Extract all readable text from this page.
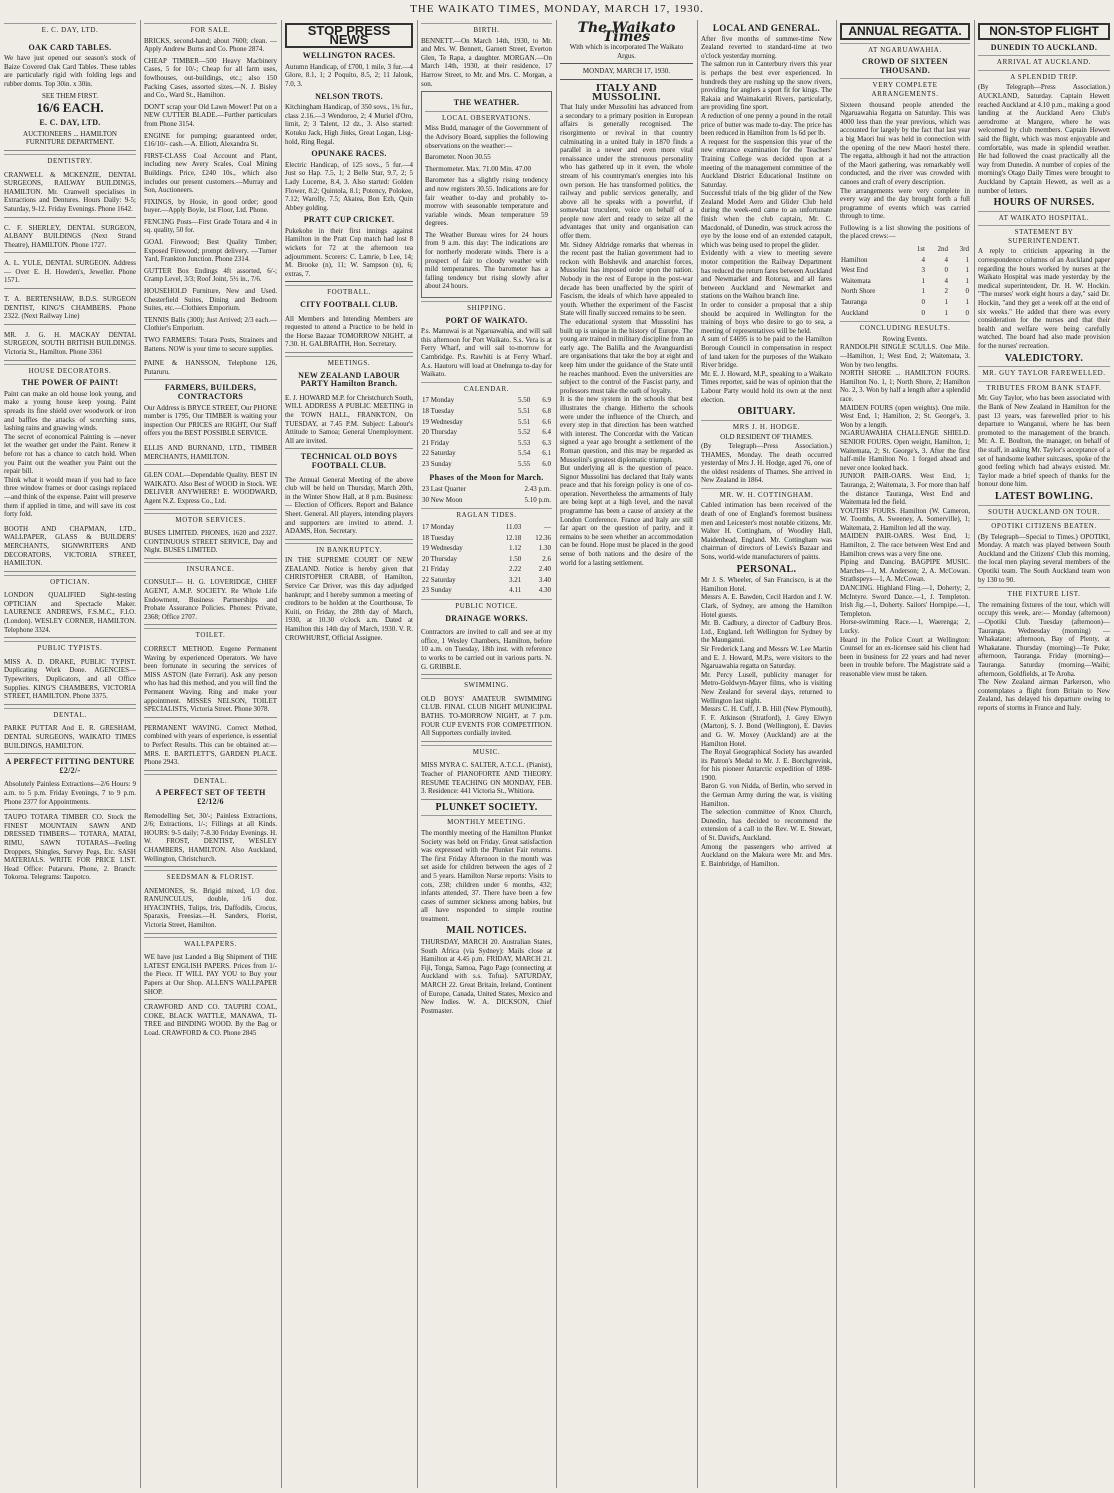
THE WAIKATO TIMES, MONDAY, MARCH 17, 1930.
E. C. DAY, LTD.
OAK CARD TABLES.

We have just opened our season's stock of Baize Covered Oak Card Tables. These tables are particularly rigid with folding legs and rubber domts. Top 30in. x 30in.

SEE THEM FIRST.
16/6 EACH.
E. C. DAY, LTD.
AUCTIONEERS ... HAMILTON FURNITURE DEPARTMENT.
DENTISTRY.

CRANWELL & MCKENZIE, DENTAL SURGEONS, RAILWAY BUILDINGS, HAMILTON. Mr. Cranwell specialises in Extractions and Dentures. Hours Daily: 9-5; Saturday, 9-12. Friday Evenings. Phone 1642.

C. F. SHERLEY, DENTAL SURGEON, ALBANY BUILDINGS (Next Strand Theatre), HAMILTON. Phone 1727.

A. L. YULE, DENTAL SURGEON. Address— Over E. H. Howden's, Jeweller. Phone 1571.

T. A. BERTENSHAW, B.D.S. SURGEON DENTIST, KING'S CHAMBERS. Phone 2322. (Next Railway Line)

MR. J. G. H. MACKAY DENTAL SURGEON, SOUTH BRITISH BUILDINGS. Victoria St., Hamilton. Phone 3361

HOUSE DECORATORS.
THE POWER OF PAINT!

Paint can make an old house look young, and make a young house keep young. Paint spreads its fine shield over woodwork or iron and baffles the attacks of scorching suns, lashing rains and gnawing winds.
The secret of economical Painting is —never let the weather get under the Paint. Renew it before rot has a chance to catch hold. When you Paint out the weather you Paint out the repair bill.
Think what it would mean if you had to face three window frames or door casings replaced—and think of the expense. Paint will preserve them if applied in time, and will save its cost forty fold.

BOOTH AND CHAPMAN, LTD., WALLPAPER, GLASS & BUILDERS' MERCHANTS, SIGNWRITERS AND DECORATORS, VICTORIA STREET, HAMILTON.

OPTICIAN.

LONDON QUALIFIED Sight-testing OPTICIAN and Spectacle Maker. LAURENCE ANDREWS, F.S.M.C., F.I.O. (London). WESLEY CORNER, HAMILTON. Telephone 3324.

PUBLIC TYPISTS.

MISS A. D. DRAKE, PUBLIC TYPIST. Duplicating Work Done. AGENCIES—Typewriters, Duplicators, and all Office Supplies. KING'S CHAMBERS, VICTORIA STREET, HAMILTON. Phone 3375.

DENTAL.

PARKE PUTTAR And E. R. GRESHAM, DENTAL SURGEONS, WAIKATO TIMES BUILDINGS, HAMILTON.

A PERFECT FITTING DENTURE £2/2/-

Absolutely Painless Extractions—2/6 Hours: 9 a.m. to 5 p.m. Friday Evenings, 7 to 9 p.m. Phone 2377 for Appointments.

TAUPO TOTARA TIMBER CO. Stock the FINEST MOUNTAIN SAWN AND DRESSED TIMBERS— TOTARA, MATAI, RIMU, SAWN TOTARAS—Feeling Droppers, Shingles, Survey Pegs, Etc. SASH MATERIALS. WRITE FOR PRICE LIST. Head Office: Putaruru. Phone, 2. Branch: Tokoroa. Telegrams: Taupotco.

FOR SALE.

BRICKS, second-hand; about 7600; clean. —Apply Andrew Burns and Co. Phone 2874.

CHEAP TIMBER—500 Heavy Macbinery Cases, 5 for 10/-; Cheap for all farm uses, fowlhouses, out-buildings, etc.; also 150 Packing Cases, assorted sizes.—N. J. Bisley and Co., Ward St., Hamilton.

DON'T scrap your Old Lawn Mower! Put on a NEW CUTTER BLADE.—Further particulars from Phone 3154.

ENGINE for pumping; guaranteed order, £16/10/- cash.—A. Elliott, Alexandra St.

FIRST-CLASS Coal Account and Plant, including new Avery Scales, Coal Mining Buildings. Price, £240 10s., which also includes our present customers.—Murray and Son, Auctioneers.

FIXINGS, by Hosie, in good order; good buyer.—Apply Boyle, 1st Floor, Ltd. Phone.

FENCING Posts—First Grade Totara and 4 in sq. quality, 50 for.

GOAL Firewood; Best Quality Timber; Exposed Firewood; prompt delivery. —Turner Yard, Frankton Junction. Phone 2314.

GUTTER Box Endings 4ft assorted, 6/-; Cramp Level, 3/3; Roof Joint, 5½ in., 7/6.

HOUSEHOLD Furniture, New and Used. Chesterfield Suites, Dining and Bedroom Suites, etc.—Clothiers Emporium.

TENNIS Balls (300); Just Arrived; 2/3 each.—Clothier's Emporium.

TWO FARMERS: Totara Posts, Strainers and Battens. NOW is your time to secure supplies.

PAINE & HANSSON, Telephone 126, Putaruru.

FARMERS, BUILDERS, CONTRACTORS

Our Address is BRYCE STREET, Our PHONE number is 1795, Our TIMBER is waiting your inspection Our PRICES are RIGHT, Our Staff offers you the BEST POSSIBLE SERVICE.

ELLIS AND BURNAND, LTD., TIMBER MERCHANTS, HAMILTON.

GLEN COAL—Dependable Quality. BEST IN WAIKATO. Also Best of WOOD in Stock. WE DELIVER ANYWHERE! E. WOODWARD, Agent N.Z. Express Co., Ltd.

MOTOR SERVICES.

BUSES LIMITED. PHONES, 1620 and 2327. CONTINUOUS STREET SERVICE, Day and Night. BUSES LIMITED.

INSURANCE.

CONSULT— H. G. LOVERIDGE, CHIEF AGENT, A.M.P. SOCIETY. Re Whole Life Endowment, Business Partnerships and Probate Assurance Policies. Phones: Private, 2368; Office 2707.

TOILET.

CORRECT METHOD. Eugene Permanent Waving by experienced Operators. We have been fortunate in securing the services of MISS ASTON (late Ferrari). Ask any person who has had this method, and you will find the Permanent Waving. Ring and make your appointment. MISSES NELSON, TOILET SPECIALISTS, Victoria Street. Phone 3078.

PERMANENT WAVING. Correct Method, combined with years of experience, is essential to Perfect Results. This can be obtained at:— MRS. E. BARTLETT'S, GARDEN PLACE. Phone 2943.

DENTAL.
A PERFECT SET OF TEETH £2/12/6

Remodelling Set, 30/-; Painless Extractions, 2/6; Extractions, 1/-; Fillings at all Kinds. HOURS: 9-5 daily; 7-8.30 Friday Evenings. H. W. FROST, DENTIST, WESLEY CHAMBERS, HAMILTON. Also Auckland, Wellington, Christchurch.

SEEDSMAN & FLORIST.

ANEMONES, St. Brigid mixed, 1/3 doz. RANUNCULUS, double, 1/6 doz. HYACINTHS, Tulips, Iris, Daffodils, Crocus, Sparaxis, Freesias.—H. Sanders, Florist, Victoria Street, Hamilton.

WALLPAPERS.

WE have just Landed a Big Shipment of THE LATEST ENGLISH PAPERS. Prices from 1/- the Piece. IT WILL PAY YOU to Buy your Papers at Our Shop. ALLEN'S WALLPAPER SHOP.

CRAWFORD AND CO. TAUPIRI COAL, COKE, BLACK WATTLE, MANAWA, TI-TREE and BINDING WOOD. By the Bag or Load. CRAWFORD & CO. Phone 2845

STOP PRESS NEWS
WELLINGTON RACES.

Autumn Handicap, of £700, 1 mile, 3 fur.—4 Glore, 8.1, 1; 2 Poquito, 8.5, 2; 11 Jalouk, 7.0, 3.

NELSON TROTS.

Kitchingham Handicap, of 350 sovs., 1¾ fur., class 2.16.—3 Wendoroo, 2; 4 Muriel d'Oro, limit, 2; 3 Talent, 12 dz., 3. Also started: Kotuku Jack, High Jinks, Great Logan, Lisg-hold, Ring Regal.

OPUNAKE RACES.

Electric Handicap, of 125 sovs., 5 fur.—4 Just so Hap. 7.5, 1; 2 Belle Star, 9.7, 2; 5 Lady Lucerne, 8.4, 3. Also started: Golden Flower, 8.2; Quintola, 8.1; Potency, Polokee, 7.12; Warolly, 7.5; Akatea, Bon Ezh, Quin Abbey golding.

PRATT CUP CRICKET.

Pukekohe in their first innings against Hamilton in the Pratt Cup match had lost 8 wickets for 72 at the afternoon tea adjournment. Scorers: C. Lamrie, b Lee, 14; M. Brooke (n), 11; W. Sampson (n), 6; extras, 7.

FOOTBALL.
CITY FOOTBALL CLUB.

All Members and Intending Members are requested to attend a Practice to be held in the Horse Bazaar TOMORROW NIGHT, at 7.30. H. GALBRAITH, Hon. Secretary.

MEETINGS.
NEW ZEALAND LABOUR PARTY Hamilton Branch.

E. J. HOWARD M.P. for Christchurch South, WILL ADDRESS A PUBLIC MEETING in the TOWN HALL, FRANKTON, On TUESDAY, at 7.45 P.M. Subject: Labour's Attitude to Samoa; General Unemployment. All are invited.

TECHNICAL OLD BOYS FOOTBALL CLUB.

The Annual General Meeting of the above club will be held on Thursday, March 20th, in the Winter Show Hall, at 8 p.m. Business:— Election of Officers. Report and Balance Sheet. General. All players, intending players and supporters are invited to attend. J. ADAMS, Hon. Secretary.

IN BANKRUPTCY.

IN THE SUPREME COURT OF NEW ZEALAND. Notice is hereby given that CHRISTOPHER CRABB, of Hamilton, Service Car Driver, was this day adjudged bankrupt; and I hereby summon a meeting of creditors to be holden at the Courthouse, Te Kuiti, on Friday, the 28th day of March, 1930, at 10.30 o'clock a.m. Dated at Hamilton this 14th day of March, 1930. V. R. CROWHURST, Official Assignee.

BIRTH.

BENNETT.—On March 14th, 1930, to Mr. and Mrs. W. Bennett, Garnett Street, Everton Glen, Te Rapa, a daughter. MORGAN.—On March 14th, 1930, at their residence, 17 Harrow Street, to Mr. and Mrs. C. Morgan, a son.

THE WEATHER.
LOCAL OBSERVATIONS.

Miss Budd, manager of the Government of the Advisory Board, supplies the following observations on the weather:—

Barometer. Noon 30.55

Thermometer. Max. 71.00 Min. 47.00

Barometer has a slightly rising tendency and now registers 30.55. Indications are for fair weather to-day and probably to-morrow with seasonable temperature and variable winds. Mean temperature 59 degrees.

The Weather Bureau wires for 24 hours from 9 a.m. this day: The indications are for northerly moderate winds. There is a prospect of fair to cloudy weather with mild temperatures. The barometer has a falling tendency but rising slowly after about 24 hours.

SHIPPING.
PORT OF WAIKATO.

P.s. Manuwai is at Ngaruawahia, and will sail this afternoon for Port Waikato. S.s. Vera is at Ferry Wharf, and will sail to-morrow for Cambridge. P.s. Rawhiti is at Ferry Wharf. A.s. Hautoru will load at Onehunga to-day for Waikato.

CALENDAR.
17 Monday	5.50	6.9
18 Tuesday	5.51	6.8
19 Wednesday	5.51	6.6
20 Thursday	5.52	6.4
21 Friday	5.53	6.3
22 Saturday	5.54	6.1
23 Sunday	5.55	6.0
Phases of the Moon for March.
23 Last Quarter	2.43 p.m.
30 New Moon	5.10 p.m.
RAGLAN TIDES.
17 Monday	11.03	—
18 Tuesday	12.18	12.36
19 Wednesday	1.12	1.30
20 Thursday	1.50	2.6
21 Friday	2.22	2.40
22 Saturday	3.21	3.40
23 Sunday	4.11	4.30
PUBLIC NOTICE.
DRAINAGE WORKS.

Contractors are invited to call and see at my office, 1 Wesley Chambers, Hamilton, before 10 a.m. on Tuesday, 18th inst. with reference to works to be carried out in various parts. N. G. GRIBBLE.

SWIMMING.

OLD BOYS' AMATEUR SWIMMING CLUB. FINAL CLUB NIGHT MUNICIPAL BATHS. TO-MORROW NIGHT, at 7 p.m. FOUR CUP EVENTS FOR COMPETITION. All Supporters cordially invited.

MUSIC.

MISS MYRA C. SALTER, A.T.C.L. (Pianist), Teacher of PIANOFORTE AND THEORY. RESUME TEACHING ON MONDAY, FEB. 3. Residence: 441 Victoria St., Whitiora.

PLUNKET SOCIETY.
MONTHLY MEETING.

The monthly meeting of the Hamilton Plunket Society was held on Friday. Great satisfaction was expressed with the Plunket Fair returns. The first Friday Afternoon in the month was set aside for children between the ages of 2 and 5 years. Hamilton Nurse reports: Visits to cots, 238; children under 6 months, 432; infants attended, 37. There have been a few cases of summer sickness among babies, but all have responded to simple routine treatment.

MAIL NOTICES.

THURSDAY, MARCH 20. Australian States, South Africa (via Sydney): Mails close at Hamilton at 4.45 p.m. FRIDAY, MARCH 21. Fiji, Tonga, Samoa, Pago Pago (connecting at Auckland with s.s. Tofua). SATURDAY, MARCH 22. Great Britain, Ireland, Continent of Europe, Canada, United States, Mexico and New Indies. W. A. DICKSON, Chief Postmaster.

The Waikato Times
With which is incorporated The Waikato Argus.
MONDAY, MARCH 17, 1930.
ITALY AND MUSSOLINI.

That Italy under Mussolini has advanced from a secondary to a primary position in European affairs is generally recognised. The risorgimento or revival in that country culminating in a united Italy in 1870 finds a parallel in a newer and even more vital renaissance under the strenuous personality who has gathered up in it even, the whole stream of his countryman's energies into his own person. He has transformed politics, the railway and public services generally, and above all he speaks with a powerful, if somewhat truculent, voice on behalf of a people now alert and ready to seize all the advantages that unity and organisation can offer them.
Mr. Sidney Aldridge remarks that whereas in the recent past the Italian government had to reckon with Bolshevik and anarchist forces, Mussolini has imposed order upon the nation. Nobody in the rest of Europe in the post-war decade has been unaffected by the spirit of Fascism, the ideals of which have appealed to youth. Whether the experiment of the Fascist State will finally succeed remains to be seen.
The educational system that Mussolini has built up is unique in the history of Europe. The young are trained in military discipline from an early age. The Balilla and the Avanguardisti are organisations that take the boy at eight and keep him under the guidance of the State until he reaches manhood. Even the universities are subject to the control of the Fascist party, and professors must take the oath of loyalty.
It is the new system in the schools that best illustrates the change. Hitherto the schools were under the influence of the Church, and every step in that direction has been watched with interest. The Concordat with the Vatican signed a year ago brought a settlement of the Roman question, and this may be regarded as Mussolini's greatest diplomatic triumph.
But underlying all is the question of peace. Signor Mussolini has declared that Italy wants peace and that his foreign policy is one of co-operation. Nevertheless the armaments of Italy are being kept at a high level, and the naval programme has been a cause of anxiety at the London Conference. France and Italy are still far apart on the question of parity, and it remains to be seen whether an accommodation can be found. Hope must be placed in the good sense of both nations and the desire of the world for a lasting settlement.

LOCAL AND GENERAL.

After five months of summer-time New Zealand reverted to standard-time at two o'clock yesterday morning.
The salmon run in Canterbury rivers this year is perhaps the best ever experienced. In hundreds they are rushing up the snow rivers, providing for anglers a sport fit for kings. The Rakaia and Waimakariri Rivers, particularly, are providing fine sport.
A reduction of one penny a pound in the retail price of butter was made to-day. The price has been reduced in Hamilton from 1s 6d per lb.
A request for the suspension this year of the new entrance examination for the Teachers' Training College was decided upon at a meeting of the management committee of the Auckland District Educational Institute on Saturday.
Successful trials of the big glider of the New Zealand Model Aero and Glider Club held during the week-end came to an unfortunate finish when the club captain, Mr. C. Macdonald, of Dunedin, was struck across the eye by the loose end of an extended catapult, which was being used to propel the glider.
Evidently with a view to meeting severe motor competition the Railway Department has reduced the return fares between Auckland and Newmarket and Rotorua, and all fares between Auckland and Newmarket and stations on the Waihou branch line.
In order to consider a proposal that a ship should be acquired in Wellington for the training of boys who desire to go to sea, a meeting of representatives will be held.
A sum of £4695 is to be paid to the Hamilton Borough Council in compensation in respect of land taken for the purposes of the Waikato River bridge.
Mr. E. J. Howard, M.P., speaking to a Waikato Times reporter, said he was of opinion that the Labour Party would hold its own at the next election.

OBITUARY.
MRS J. H. HODGE.
OLD RESIDENT OF THAMES.

(By Telegraph—Press Association.) THAMES, Monday. The death occurred yesterday of Mrs J. H. Hodge, aged 76, one of the oldest residents of Thames. She arrived in New Zealand in 1864.

MR. W. H. COTTINGHAM.

Cabled intimation has been received of the death of one of England's foremost business men and Leicester's most notable citizens, Mr. Walter H. Cottingham, of Woodley Hall, Maidenhead, England. Mr. Cottingham was chairman of directors of Lewis's Bazaar and Sons, world-wide manufacturers of paints.

PERSONAL.

Mr J. S. Wheeler, of San Francisco, is at the Hamilton Hotel.
Messrs A. E. Bawden, Cecil Hardon and J. W. Clark, of Sydney, are among the Hamilton Hotel guests.
Mr. B. Cadbury, a director of Cadbury Bros. Ltd., England, left Wellington for Sydney by the Maunganui.
Sir Frederick Lang and Messrs W. Lee Martin and E. J. Howard, M.P.s, were visitors to the Ngaruawahia regatta on Saturday.
Mr. Percy Lusell, publicity manager for Metro-Goldwyn-Mayer films, who is visiting New Zealand for several days, returned to Wellington last night.
Messrs C. H. Cuff, J. B. Hill (New Plymouth), F. F. Atkinson (Stratford), J. Grey Elwyn (Marton), S. J. Bond (Wellington), E. Davies and G. W. Moxey (Auckland) are at the Hamilton Hotel.
The Royal Geographical Society has awarded its Patron's Medal to Mr. J. E. Borchgrevink, for his pioneer Antarctic expedition of 1898-1900.
Baron G. von Nidda, of Berlin, who served in the German Army during the war, is visiting Hamilton.
The selection committee of Knox Church, Dunedin, has decided to recommend the extension of a call to the Rev. W. E. Stewart, of St. David's, Auckland.
Among the passengers who arrived at Auckland on the Makura were Mr. and Mrs. E. Bainbridge, of Hamilton.

ANNUAL REGATTA.
AT NGARUAWAHIA.
CROWD OF SIXTEEN THOUSAND.
VERY COMPLETE ARRANGEMENTS.

Sixteen thousand people attended the Ngaruawahia Regatta on Saturday. This was 4000 less than the year previous, which was accounted for largely by the fact that last year a big Maori hui was held in connection with the opening of the new Maori hostel there. The regatta, although it had not the attraction of the Maori gathering, was remarkably well conducted, and the river was crowded with canoes and craft of every description.
The arrangements were very complete in every way and the day brought forth a full programme of events which was carried through to time.

Following is a list showing the positions of the placed crews:—

	1st	2nd	3rd
Hamilton	4	4	1
West End	3	0	1
Waitemata	1	4	1
North Shore	1	2	0
Tauranga	0	1	1
Auckland	0	1	0
CONCLUDING RESULTS.
Rowing Events.

RANDOLPH SINGLE SCULLS. One Mile.—Hamilton, 1; West End, 2; Waitemata, 3. Won by two lengths.
NORTH SHORE ... HAMILTON FOURS. Hamilton No. 1, 1; North Shore, 2; Hamilton No. 2, 3. Won by half a length after a splendid race.
MAIDEN FOURS (open weights). One mile. West End, 1; Hamilton, 2; St. George's, 3. Won by a length.
NGARUAWAHIA CHALLENGE SHIELD. SENIOR FOURS. Open weight, Hamilton, 1; Waitemata, 2; St. George's, 3. After the first half-mile Hamilton No. 1 forged ahead and never once looked back.
JUNIOR PAIR-OARS. West End, 1; Tauranga, 2; Waitemata, 3. For more than half the distance Tauranga, West End and Waitemata led the field.
YOUTHS' FOURS. Hamilton (W. Cameron, W. Toombs, A. Sweeney, A. Somerville), 1; Waitemata, 2. Hamilton led all the way.
MAIDEN PAIR-OARS. West End, 1; Hamilton, 2. The race between West End and Hamilton crews was a very fine one.
Piping and Dancing. BAGPIPE MUSIC. Marches—1, M. Anderson; 2, A. McCowan. Strathspeys—1, A. McCowan.
DANCING. Highland Fling.—1, Doherty; 2, McIntyre. Sword Dance.—1, J. Templeton. Irish Jig.—1, Doherty. Sailors' Hornpipe.—1, Templeton.
Horse-swimming Race.—1, Waerenga; 2, Lucky.
Heard in the Police Court at Wellington: Counsel for an ex-licensee said his client had been in business for 22 years and had never been in trouble before. The Magistrate said a reasonable view must be taken.

NON-STOP FLIGHT
DUNEDIN TO AUCKLAND.
ARRIVAL AT AUCKLAND.
A SPLENDID TRIP.

(By Telegraph—Press Association.) AUCKLAND, Saturday. Captain Hewett reached Auckland at 4.10 p.m., making a good landing at the Auckland Aero Club's aerodrome at Mangere, where he was welcomed by club members. Captain Hewett said the flight, which was most enjoyable and comfortable, was made in splendid weather. He had followed the coast practically all the way from Dunedin. A number of copies of the morning's Otago Daily Times were brought to Auckland by Captain Hewett, as well as a number of letters.

HOURS OF NURSES.
AT WAIKATO HOSPITAL.
STATEMENT BY SUPERINTENDENT.

A reply to criticism appearing in the correspondence columns of an Auckland paper regarding the hours worked by nurses at the Waikato Hospital was made yesterday by the medical superintendent, Dr. H. W. Hockin. "The nurses' work eight hours a day," said Dr. Hockin, "and they get a week off at the end of six weeks." He added that there was every consideration for the nurses and that their health and welfare were being carefully watched. The board had also made provision for the nurses' recreation.

VALEDICTORY.
MR. GUY TAYLOR FAREWELLED.
TRIBUTES FROM BANK STAFF.

Mr. Guy Taylor, who has been associated with the Bank of New Zealand in Hamilton for the past 13 years, was farewelled prior to his departure to Wanganui, where he has been promoted to the management of the branch. Mr. A. E. Boulton, the manager, on behalf of the staff, in asking Mr. Taylor's acceptance of a set of handsome leather suitcases, spoke of the good feeling which had always existed. Mr. Taylor made a brief speech of thanks for the honour done him.

LATEST BOWLING.
SOUTH AUCKLAND ON TOUR.
OPOTIKI CITIZENS BEATEN.

(By Telegraph—Special to Times.) OPOTIKI, Monday. A match was played between South Auckland and the Citizens' Club this morning, the local men playing several members of the Opotiki team. The South Auckland team won by 130 to 90.

THE FIXTURE LIST.

The remaining fixtures of the tour, which will occupy this week, are:— Monday (afternoon)—Opotiki Club. Tuesday (afternoon)—Tauranga. Wednesday (morning) — Whakatane; afternoon, Bay of Plenty, at Whakatane. Thursday (morning)—Te Puke; afternoon, Tauranga. Friday (morning)—Tauranga. Saturday (morning—Waihi; afternoon, Goldfields, at Te Aroha.
The New Zealand airman Parkerson, who contemplates a flight from Britain to New Zealand, has delayed his departure owing to reports of storms in France and Italy.
